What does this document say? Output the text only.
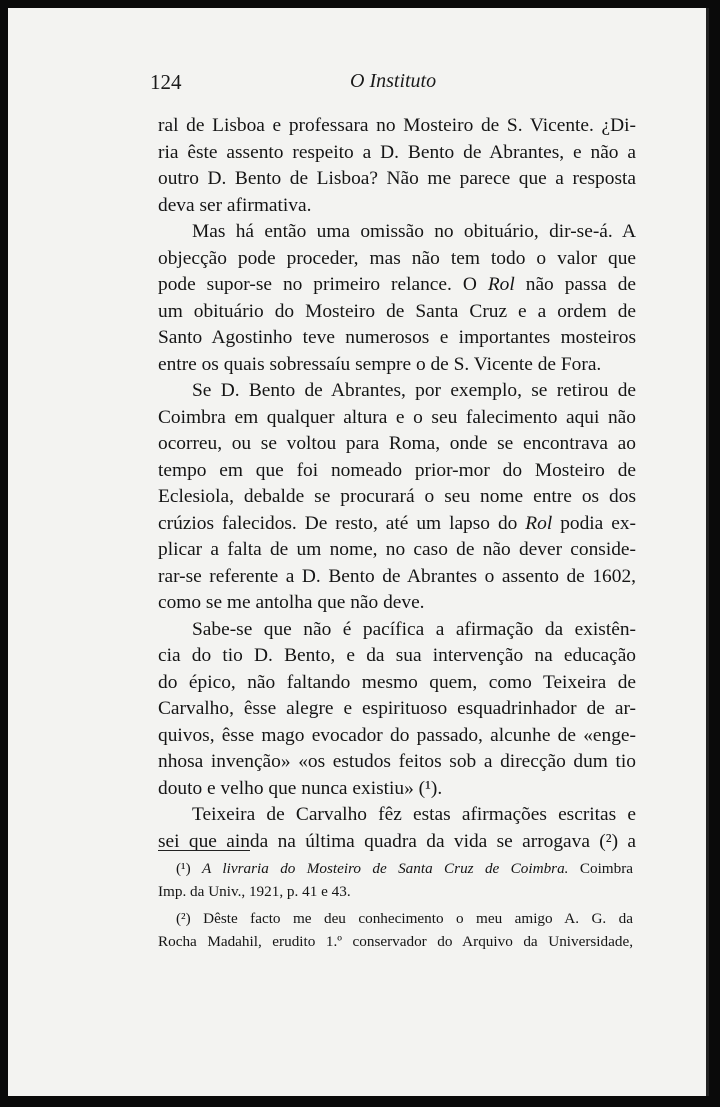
124	O Instituto

ral de Lisboa e professara no Mosteiro de S. Vicente. ¿Di-
ria êste assento respeito a D. Bento de Abrantes, e não a
outro D. Bento de Lisboa? Não me parece que a resposta
deva ser afirmativa.

Mas há então uma omissão no obituário, dir-se-á. A
objecção pode proceder, mas não tem todo o valor que
pode supor-se no primeiro relance. O Rol não passa de
um obituário do Mosteiro de Santa Cruz e a ordem de
Santo Agostinho teve numerosos e importantes mosteiros
entre os quais sobressaíu sempre o de S. Vicente de Fora.

Se D. Bento de Abrantes, por exemplo, se retirou de
Coimbra em qualquer altura e o seu falecimento aqui não
ocorreu, ou se voltou para Roma, onde se encontrava ao
tempo em que foi nomeado prior-mor do Mosteiro de
Eclesiola, debalde se procurará o seu nome entre os dos
crúzios falecidos. De resto, até um lapso do Rol podia ex-
plicar a falta de um nome, no caso de não dever conside-
rar-se referente a D. Bento de Abrantes o assento de 1602,
como se me antolha que não deve.

Sabe-se que não é pacífica a afirmação da existên-
cia do tio D. Bento, e da sua intervenção na educação
do épico, não faltando mesmo quem, como Teixeira de
Carvalho, êsse alegre e espirituoso esquadrinhador de ar-
quivos, êsse mago evocador do passado, alcunhe de «enge-
nhosa invenção» «os estudos feitos sob a direcção dum tio
douto e velho que nunca existiu» (¹).

Teixeira de Carvalho fêz estas afirmações escritas e
sei que ainda na última quadra da vida se arrogava (²) a

(¹) A livraria do Mosteiro de Santa Cruz de Coimbra. Coimbra
Imp. da Univ., 1921, p. 41 e 43.
(²) Dêste facto me deu conhecimento o meu amigo A. G. da
Rocha Madahil, erudito 1.º conservador do Arquivo da Universidade,
